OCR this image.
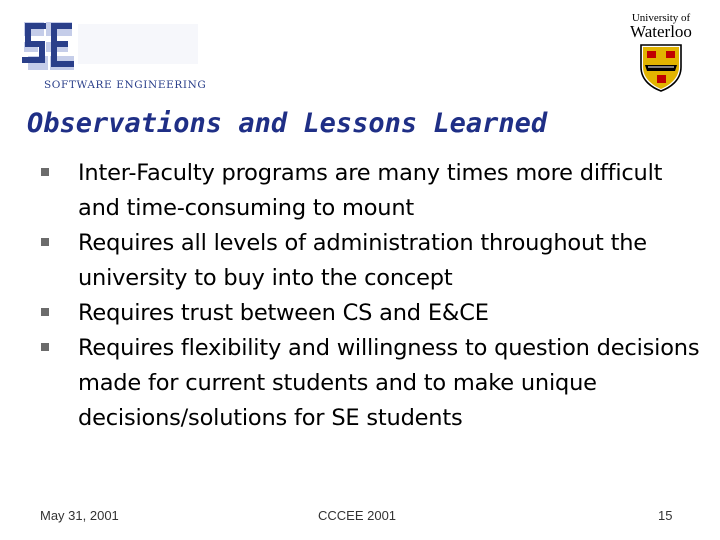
SOFTWARE ENGINEERING
University of
Waterloo
Observations and Lessons Learned
Inter-Faculty programs are many times more difficult and time-consuming to mount
Requires all levels of administration throughout the university to buy into the concept
Requires trust between CS and E&CE
Requires flexibility and willingness to question decisions made for current students and to make unique decisions/solutions for SE students
May 31, 2001	CCCEE 2001	15
